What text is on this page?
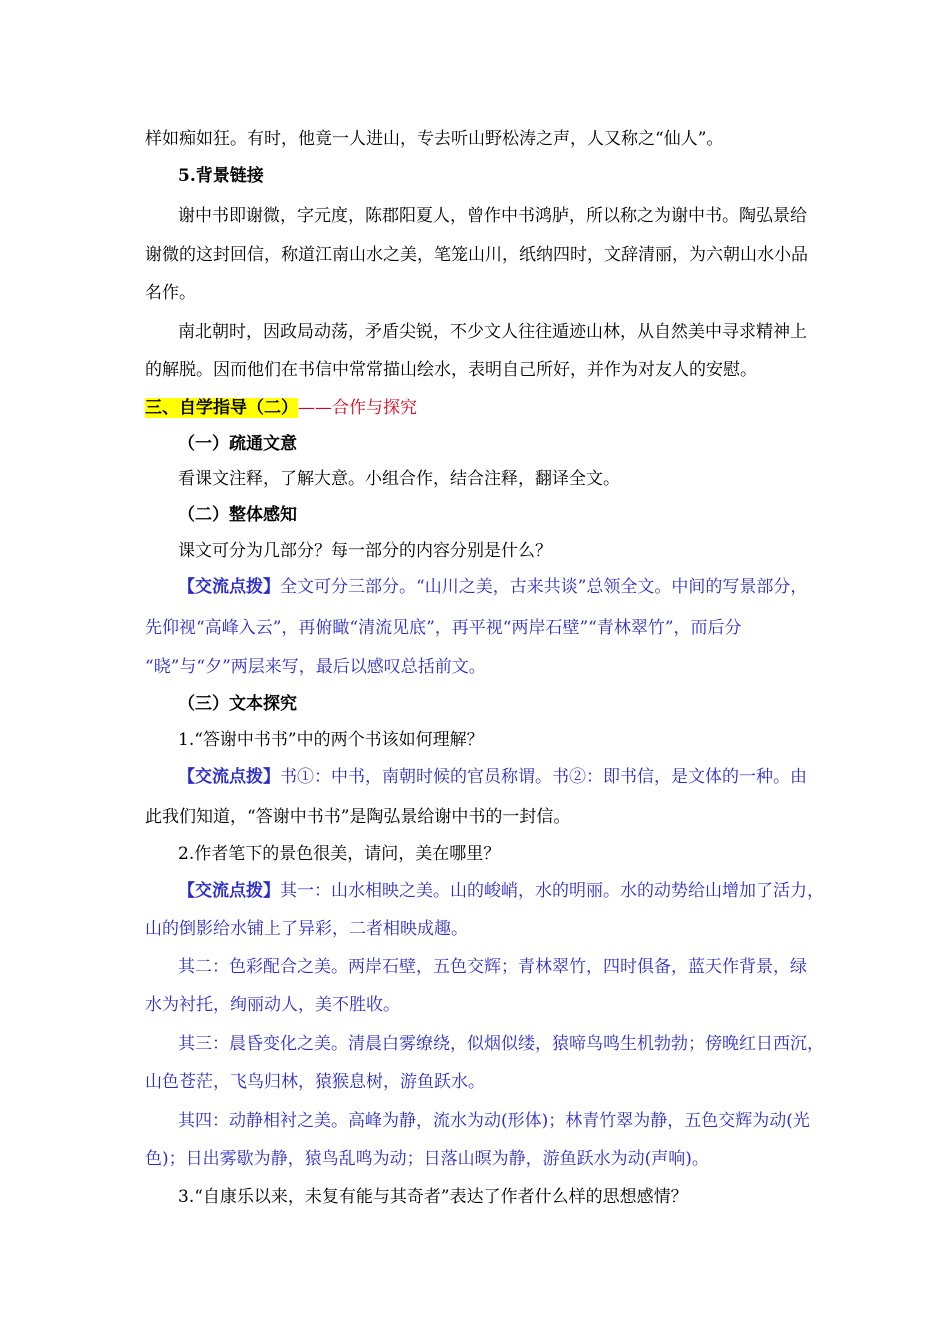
样如痴如狂。有时，他竟一人进山，专去听山野松涛之声，人又称之“仙人”。
5.背景链接
谢中书即谢微，字元度，陈郡阳夏人，曾作中书鸿胪，所以称之为谢中书。陶弘景给
谢微的这封回信，称道江南山水之美，笔笼山川，纸纳四时，文辞清丽，为六朝山水小品
名作。
南北朝时，因政局动荡，矛盾尖锐，不少文人往往遁迹山林，从自然美中寻求精神上
的解脱。因而他们在书信中常常描山绘水，表明自己所好，并作为对友人的安慰。
三、自学指导（二）——合作与探究
（一）疏通文意
看课文注释，了解大意。小组合作，结合注释，翻译全文。
（二）整体感知
课文可分为几部分？每一部分的内容分别是什么？
【交流点拨】全文可分三部分。“山川之美，古来共谈”总领全文。中间的写景部分，
先仰视“高峰入云”，再俯瞰“清流见底”，再平视“两岸石壁”“青林翠竹”，而后分
“晓”与“夕”两层来写，最后以感叹总括前文。
（三）文本探究
1.“答谢中书书”中的两个书该如何理解？
【交流点拨】书①：中书，南朝时候的官员称谓。书②：即书信，是文体的一种。由
此我们知道，“答谢中书书”是陶弘景给谢中书的一封信。
2.作者笔下的景色很美，请问，美在哪里？
【交流点拨】其一：山水相映之美。山的峻峭，水的明丽。水的动势给山增加了活力，
山的倒影给水铺上了异彩，二者相映成趣。
其二：色彩配合之美。两岸石壁，五色交辉；青林翠竹，四时俱备，蓝天作背景，绿
水为衬托，绚丽动人，美不胜收。
其三：晨昏变化之美。清晨白雾缭绕，似烟似缕，猿啼鸟鸣生机勃勃；傍晚红日西沉，
山色苍茫，飞鸟归林，猿猴息树，游鱼跃水。
其四：动静相衬之美。高峰为静，流水为动(形体)；林青竹翠为静，五色交辉为动(光
色)；日出雾歇为静，猿鸟乱鸣为动；日落山暝为静，游鱼跃水为动(声响)。
3.“自康乐以来，未复有能与其奇者”表达了作者什么样的思想感情？
